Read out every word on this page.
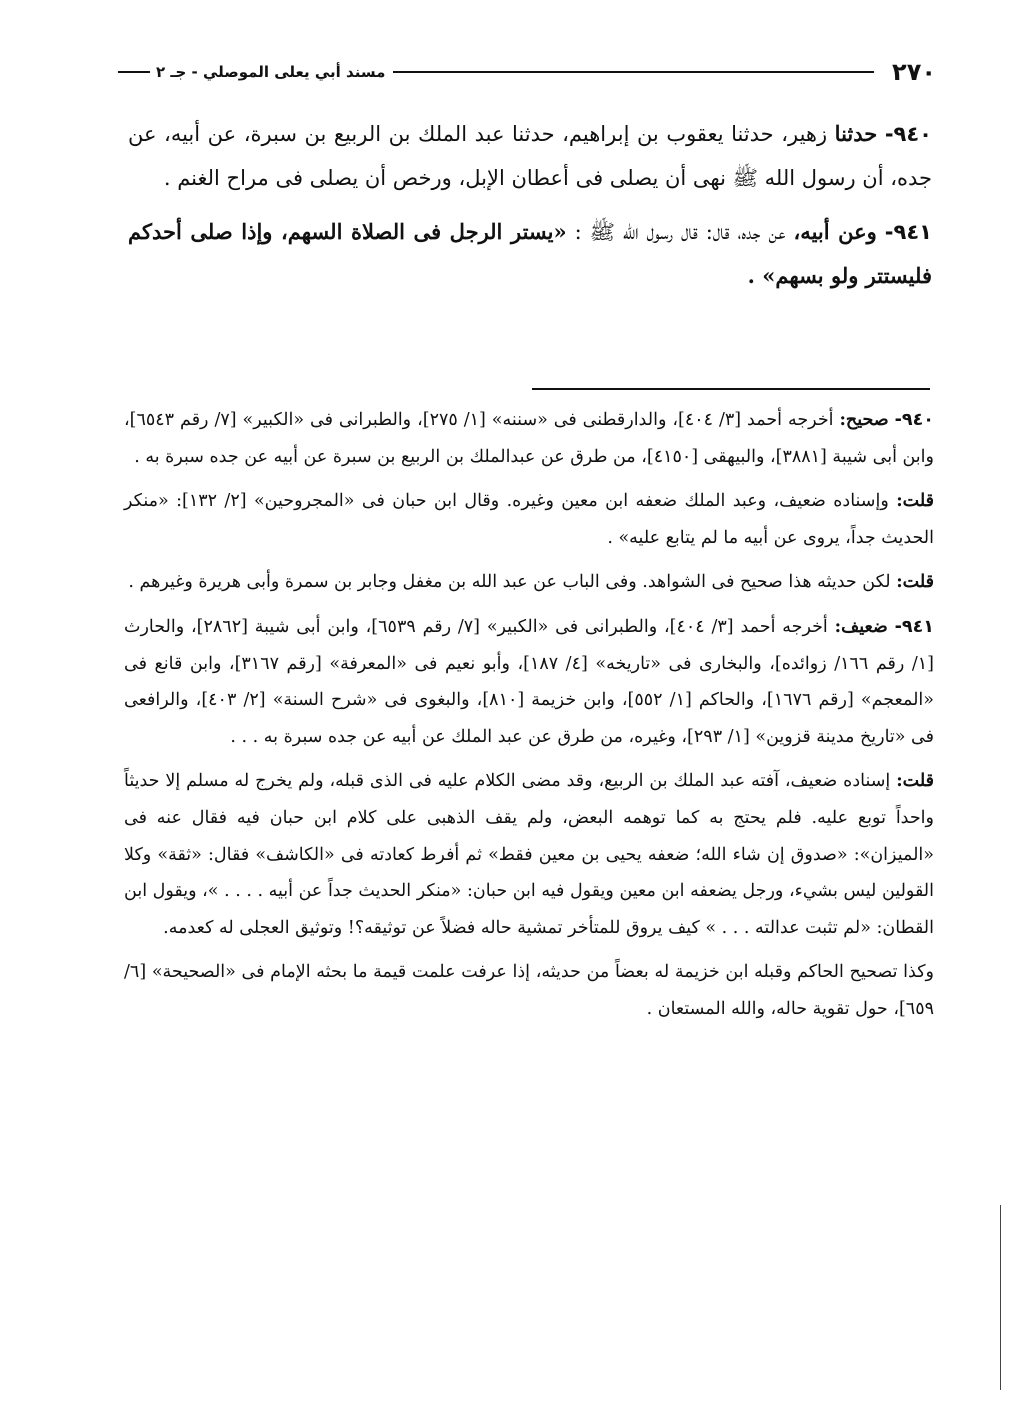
٢٧٠
مسند أبي يعلى الموصلي - جـ ٢

٩٤٠- حدثنا زهير، حدثنا يعقوب بن إبراهيم، حدثنا عبد الملك بن الربيع بن سبرة، عن أبيه، عن جده، أن رسول الله ﷺ نهى أن يصلى فى أعطان الإبل، ورخص أن يصلى فى مراح الغنم .

٩٤١- وعن أبيه، عن جده، قال: قال رسول الله ﷺ : «يستر الرجل فى الصلاة السهم، وإذا صلى أحدكم فليستتر ولو بسهم» .

٩٤٠- صحيح: أخرجه أحمد [٣/ ٤٠٤]، والدارقطنى فى «سننه» [١/ ٢٧٥]، والطبرانى فى «الكبير» [٧/ رقم ٦٥٤٣]، وابن أبى شيبة [٣٨٨١]، والبيهقى [٤١٥٠]، من طرق عن عبدالملك بن الربيع بن سبرة عن أبيه عن جده سبرة به .

قلت: وإسناده ضعيف، وعبد الملك ضعفه ابن معين وغيره. وقال ابن حبان فى «المجروحين» [٢/ ١٣٢]: «منكر الحديث جداً، يروى عن أبيه ما لم يتابع عليه» .

قلت: لكن حديثه هذا صحيح فى الشواهد. وفى الباب عن عبد الله بن مغفل وجابر بن سمرة وأبى هريرة وغيرهم .

٩٤١- ضعيف: أخرجه أحمد [٣/ ٤٠٤]، والطبرانى فى «الكبير» [٧/ رقم ٦٥٣٩]، وابن أبى شيبة [٢٨٦٢]، والحارث [١/ رقم ١٦٦/ زوائده]، والبخارى فى «تاريخه» [٤/ ١٨٧]، وأبو نعيم فى «المعرفة» [رقم ٣١٦٧]، وابن قانع فى «المعجم» [رقم ١٦٧٦]، والحاكم [١/ ٥٥٢]، وابن خزيمة [٨١٠]، والبغوى فى «شرح السنة» [٢/ ٤٠٣]، والرافعى فى «تاريخ مدينة قزوين» [١/ ٢٩٣]، وغيره، من طرق عن عبد الملك عن أبيه عن جده سبرة به . . .

قلت: إسناده ضعيف، آفته عبد الملك بن الربيع، وقد مضى الكلام عليه فى الذى قبله، ولم يخرج له مسلم إلا حديثاً واحداً توبع عليه. فلم يحتج به كما توهمه البعض، ولم يقف الذهبى على كلام ابن حبان فيه فقال عنه فى «الميزان»: «صدوق إن شاء الله؛ ضعفه يحيى بن معين فقط» ثم أفرط كعادته فى «الكاشف» فقال: «ثقة» وكلا القولين ليس بشيء، ورجل يضعفه ابن معين ويقول فيه ابن حبان: «منكر الحديث جداً عن أبيه . . . . »، ويقول ابن القطان: «لم تثبت عدالته . . . » كيف يروق للمتأخر تمشية حاله فضلاً عن توثيقه؟! وتوثيق العجلى له كعدمه.

وكذا تصحيح الحاكم وقبله ابن خزيمة له بعضاً من حديثه، إذا عرفت علمت قيمة ما بحثه الإمام فى «الصحيحة» [٦/ ٦٥٩]، حول تقوية حاله، والله المستعان .
